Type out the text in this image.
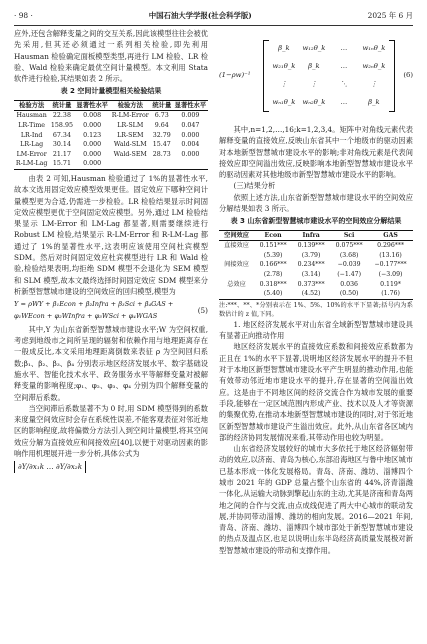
· 98 ·	中国石油大学学报(社会科学版)	2025 年 6 月

应外,还包含解释变量之间的交互关系,因此该模型往往会被优先采用,但其还必须通过一系列相关检验,即先利用 Hausman 检验确定面板模型类型,再进行 LM 检验、LR 检验、Wald 检验来确定最优空间计量模型。本文利用 Stata 软件进行检验,其结果如表 2 所示。

表 2 空间计量模型相关检验结果
检验方法	统计量	显著性水平	检验方法	统计量	显著性水平
Hausman	22.38	0.008	R-LM-Error	6.73	0.009
LR-Time	158.95	0.000	LR-SLM	9.64	0.047
LR-Ind	67.34	0.123	LR-SEM	32.79	0.000
LR-Lag	30.14	0.000	Wald-SLM	15.47	0.004
LM-Error	21.17	0.000	Wald-SEM	28.73	0.000
R-LM-Lag	15.71	0.000			

由表 2 可知,Hausman 检验通过了 1%的显著性水平,故本文选用固定效应模型效果更佳。固定效应下哪种空间计量模型更为合适,仍需进一步检验。LR 检验结果显示时间固定效应模型更优于空间固定效应模型。另外,通过 LM 检验结果显示 LM-Error 和 LM-Lag 都显著,则需要继续进行 Robust LM 检验,结果显示 R-LM-Error 和 R-LM-Lag 都通过了 1%的显著性水平,这表明应该使用空间杜宾模型 SDM。然后对时间固定效应杜宾模型进行 LR 和 Wald 检验,检验结果表明,均拒绝 SDM 模型不会退化为 SEM 模型和 SLM 模型,故本文最终选择时间固定效应 SDM 模型来分析新型智慧城市建设的空间效应的回归模型,模型为

Y = ρWY + β₁Econ + β₂Infra + β₃Sci + β₄GAS + φ₁WEcon + φ₂WInfra + φ₃WSci + φ₄WGAS
(5)

其中,Y 为山东省新型智慧城市建设水平;W 为空间权重,考虑到地级市之间所呈现的辐射和依赖作用与地理距离存在一般成反比,本文采用地理距离倒数来表征 ρ 为空间回归系数;β₁、β₂、β₃、β₄ 分别表示地区经济发展水平、数字基础设施水平、智能化技术水平、政务服务水平等解释变量对被解释变量的影响程度;φ₁、φ₂、φ₃、φ₄ 分别为四个解释变量的空间滞后系数。

当空间滞后系数显著不为 0 时,用 SDM 模型得到的系数来度量空间效应时会存在系统性误差,不能客观表征对邻近地区的影响程度,故将偏微分方法引入到空间计量模型,将其空间效应分解为直接效应和间接效应[40],以便于对驱动因素的影响作用机理展开进一步分析,具体公式为

∂Y/∂x₁k … ∂Y/∂x₂k
(1−ρw)⁻¹
β_k w₁₂θ_k … w₁ₙθ_k
w₂₁θ_k β_k	… w₂ₙθ_k
⋮	⋮	⋱	⋮
wₙ₁θ_k wₙ₂θ_k …	β_k
(6)

其中,n=1,2,…,16;k=1,2,3,4。矩阵中对角线元素代表解释变量的直接效应,反映山东省其中一个地级市的驱动因素对本地新型智慧城市建设水平的影响;非对角线元素是代表间接效应即空间溢出效应,反映影响本地新型智慧城市建设水平的驱动因素对其他地级市新型智慧城市建设水平的影响。

(三)结果分析

依照上述方法,山东省新型智慧城市建设水平的空间效应分解结果如表 3 所示。

表 3 山东省新型智慧城市建设水平的空间效应分解结果
空间效应	Econ	Infra	Sci	GAS
直接效应	0.151***	0.139***	0.075***	0.296***
	(5.39)	(3.79)	(3.68)	(13.16)
间接效应	0.166***	0.234***	−0.039	−0.177***
	(2.78)	(3.14)	(−1.47)	(−3.09)
总效应	0.318***	0.373***	0.036	0.119*
	(5.40)	(4.52)	(0.50)	(1.76)

注:***、**、*分别表示在 1%、5%、10%的水平下显著;括号内为系数估计的 z 值,下同。

1. 地区经济发展水平对山东省全域新型智慧城市建设具有显著正向推动作用

地区经济发展水平的直接效应系数和间接效应系数都为正且在 1%的水平下显著,说明地区经济发展水平的提升不但对于本地区新型智慧城市建设水平产生明显的推动作用,也能有效带动邻近地市建设水平的提升,存在显著的空间溢出效应。这是由于不同地区间的经济交流合作为城市发展的重要手段,能够在一定区域范围内形成产业、技术以及人才等资源的集聚优势,在推动本地新型智慧城市建设的同时,对于邻近地区新型智慧城市建设产生溢出效应。此外,从山东省各区域内部的经济协同发展情况来看,其带动作用也较为明显。

山东省经济发展较好的城市大多依托于地区经济辐射带动的效应,以济南、青岛为核心,东部沿海地区与鲁中地区城市已基本形成一体化发展格局。青岛、济南、潍坊、淄博四个城市 2021 年的 GDP 总量占整个山东省的 44%,济青淄潍一体化,从运输大动脉到擎起山东的主动,尤其是济南和青岛两地之间的合作与交流,由点成线促进了两大中心城市的联动发展,并协同带动淄博、潍坊的相向发展。2016—2021 年间,青岛、济南、潍坊、淄博四个城市部处于新型智慧城市建设的热点及温点区,也足以说明山东半岛经济高质量发展极对新型智慧城市建设的带动和支撑作用。
